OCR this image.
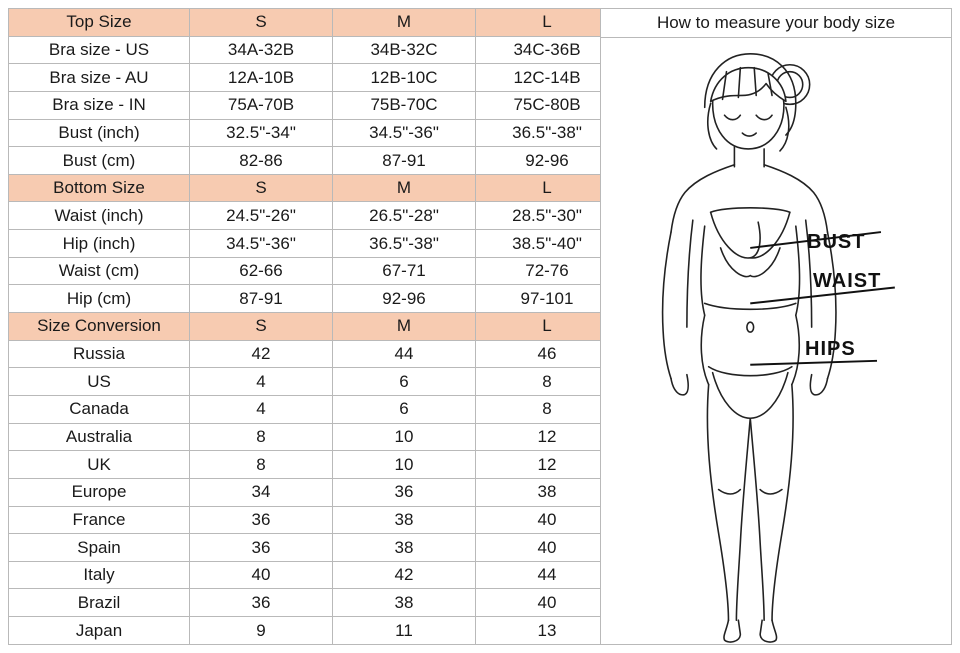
Top Size	S	M	L
Bra size - US	34A-32B	34B-32C	34C-36B
Bra size - AU	12A-10B	12B-10C	12C-14B
Bra size - IN	75A-70B	75B-70C	75C-80B
Bust (inch)	32.5"-34"	34.5"-36"	36.5"-38"
Bust (cm)	82-86	87-91	92-96
Bottom Size	S	M	L
Waist (inch)	24.5"-26"	26.5"-28"	28.5"-30"
Hip (inch)	34.5"-36"	36.5"-38"	38.5"-40"
Waist (cm)	62-66	67-71	72-76
Hip (cm)	87-91	92-96	97-101
Size Conversion	S	M	L
Russia	42	44	46
US	4	6	8
Canada	4	6	8
Australia	8	10	12
UK	8	10	12
Europe	34	36	38
France	36	38	40
Spain	36	38	40
Italy	40	42	44
Brazil	36	38	40
Japan	9	11	13
How to measure your body size
BUST
WAIST
HIPS
